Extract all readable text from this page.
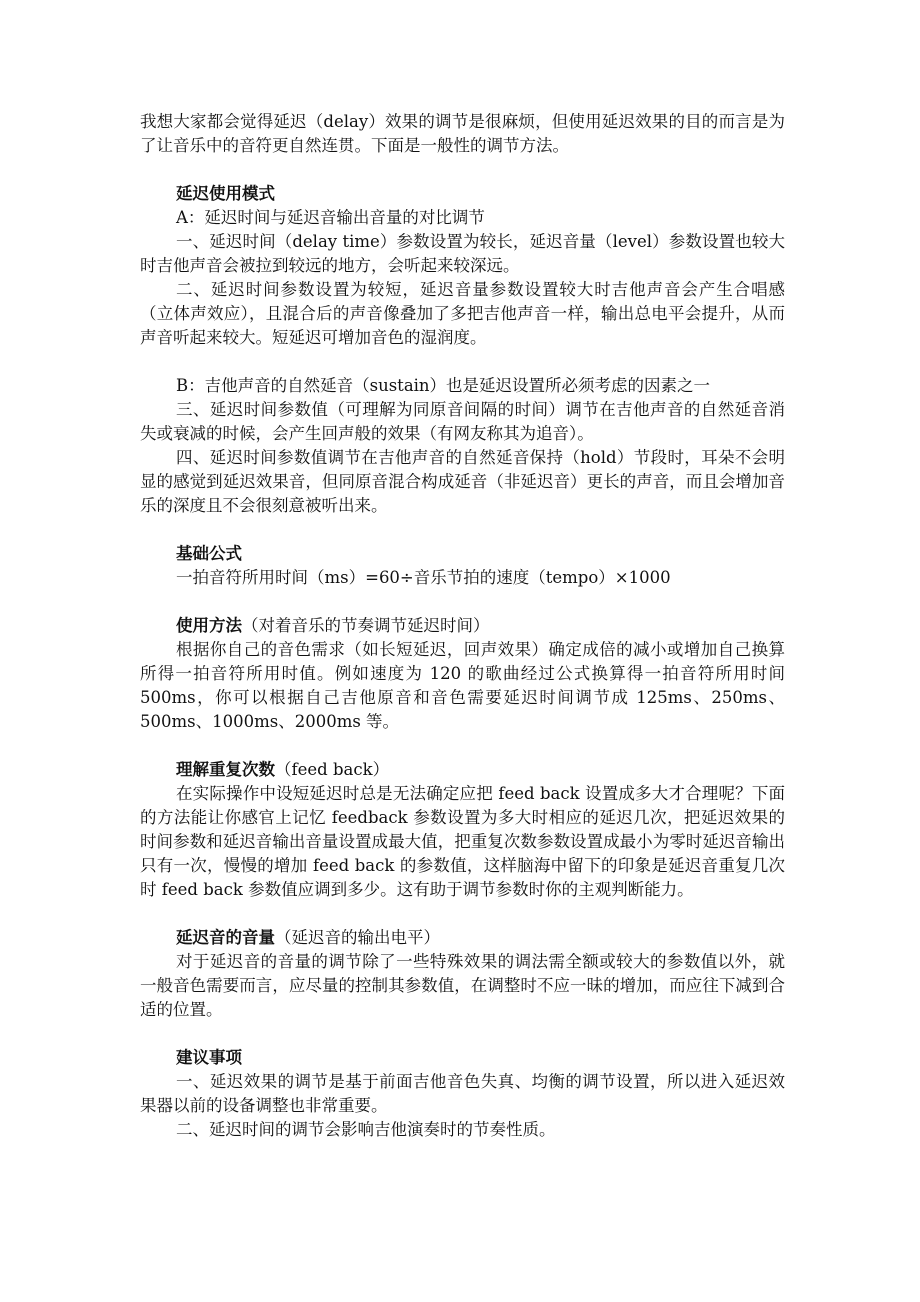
我想大家都会觉得延迟（delay）效果的调节是很麻烦，但使用延迟效果的目的而言是为了让音乐中的音符更自然连贯。下面是一般性的调节方法。

延迟使用模式

A：延迟时间与延迟音输出音量的对比调节

一、延迟时间（delay time）参数设置为较长，延迟音量（level）参数设置也较大时吉他声音会被拉到较远的地方，会听起来较深远。

二、延迟时间参数设置为较短，延迟音量参数设置较大时吉他声音会产生合唱感（立体声效应），且混合后的声音像叠加了多把吉他声音一样，输出总电平会提升，从而声音听起来较大。短延迟可增加音色的湿润度。

B：吉他声音的自然延音（sustain）也是延迟设置所必须考虑的因素之一

三、延迟时间参数值（可理解为同原音间隔的时间）调节在吉他声音的自然延音消失或衰减的时候，会产生回声般的效果（有网友称其为追音）。

四、延迟时间参数值调节在吉他声音的自然延音保持（hold）节段时，耳朵不会明显的感觉到延迟效果音，但同原音混合构成延音（非延迟音）更长的声音，而且会增加音乐的深度且不会很刻意被听出来。

基础公式

一拍音符所用时间（ms）=60÷音乐节拍的速度（tempo）×1000

使用方法（对着音乐的节奏调节延迟时间）

根据你自己的音色需求（如长短延迟，回声效果）确定成倍的减小或增加自己换算所得一拍音符所用时值。例如速度为 120 的歌曲经过公式换算得一拍音符所用时间 500ms，你可以根据自己吉他原音和音色需要延迟时间调节成 125ms、250ms、500ms、1000ms、2000ms 等。

理解重复次数（feed back）

在实际操作中设短延迟时总是无法确定应把 feed back 设置成多大才合理呢？下面的方法能让你感官上记忆 feedback 参数设置为多大时相应的延迟几次，把延迟效果的时间参数和延迟音输出音量设置成最大值，把重复次数参数设置成最小为零时延迟音输出只有一次，慢慢的增加 feed back 的参数值，这样脑海中留下的印象是延迟音重复几次时 feed back 参数值应调到多少。这有助于调节参数时你的主观判断能力。

延迟音的音量（延迟音的输出电平）

对于延迟音的音量的调节除了一些特殊效果的调法需全额或较大的参数值以外，就一般音色需要而言，应尽量的控制其参数值，在调整时不应一昧的增加，而应往下减到合适的位置。

建议事项

一、延迟效果的调节是基于前面吉他音色失真、均衡的调节设置，所以进入延迟效果器以前的设备调整也非常重要。

二、延迟时间的调节会影响吉他演奏时的节奏性质。
